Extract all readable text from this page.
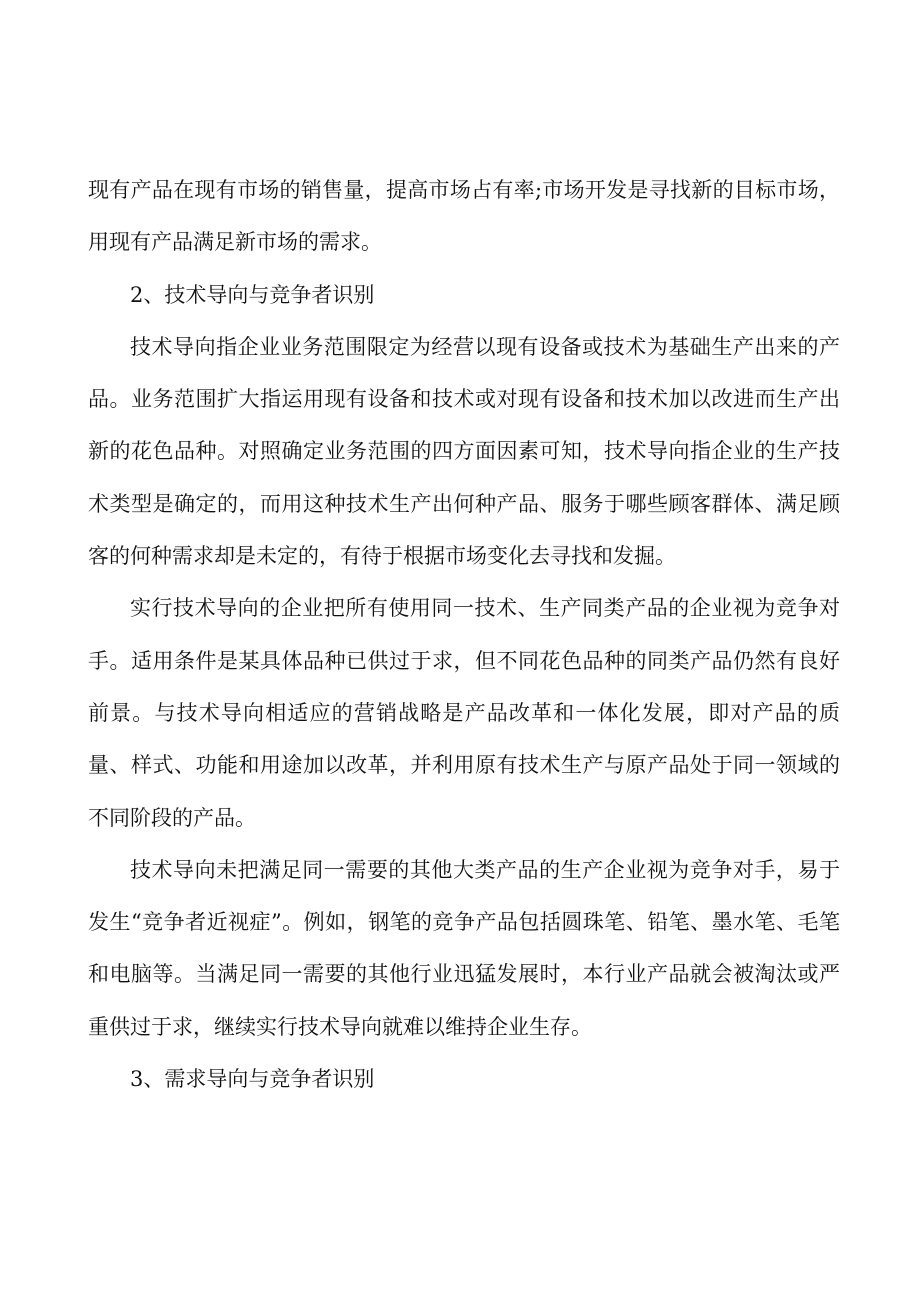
现有产品在现有市场的销售量，提高市场占有率;市场开发是寻找新的目标市场，用现有产品满足新市场的需求。

2、技术导向与竞争者识别

技术导向指企业业务范围限定为经营以现有设备或技术为基础生产出来的产品。业务范围扩大指运用现有设备和技术或对现有设备和技术加以改进而生产出新的花色品种。对照确定业务范围的四方面因素可知，技术导向指企业的生产技术类型是确定的，而用这种技术生产出何种产品、服务于哪些顾客群体、满足顾客的何种需求却是未定的，有待于根据市场变化去寻找和发掘。

实行技术导向的企业把所有使用同一技术、生产同类产品的企业视为竞争对手。适用条件是某具体品种已供过于求，但不同花色品种的同类产品仍然有良好前景。与技术导向相适应的营销战略是产品改革和一体化发展，即对产品的质量、样式、功能和用途加以改革，并利用原有技术生产与原产品处于同一领域的不同阶段的产品。

技术导向未把满足同一需要的其他大类产品的生产企业视为竞争对手，易于发生“竞争者近视症”。例如，钢笔的竞争产品包括圆珠笔、铅笔、墨水笔、毛笔和电脑等。当满足同一需要的其他行业迅猛发展时，本行业产品就会被淘汰或严重供过于求，继续实行技术导向就难以维持企业生存。

3、需求导向与竞争者识别
